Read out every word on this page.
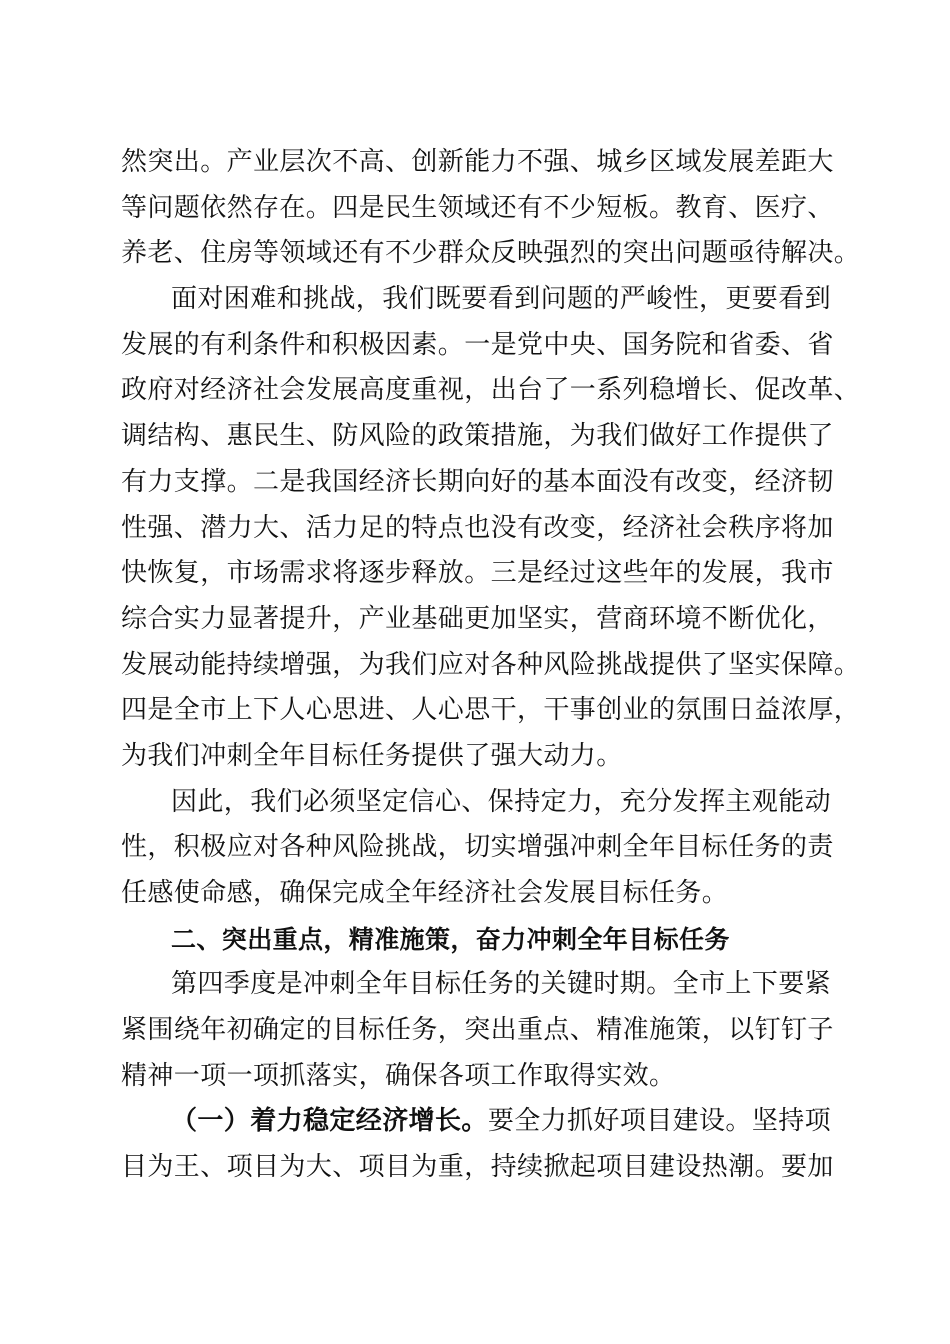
然突出。产业层次不高、创新能力不强、城乡区域发展差距大
等问题依然存在。四是民生领域还有不少短板。教育、医疗、
养老、住房等领域还有不少群众反映强烈的突出问题亟待解决。
面对困难和挑战，我们既要看到问题的严峻性，更要看到
发展的有利条件和积极因素。一是党中央、国务院和省委、省
政府对经济社会发展高度重视，出台了一系列稳增长、促改革、
调结构、惠民生、防风险的政策措施，为我们做好工作提供了
有力支撑。二是我国经济长期向好的基本面没有改变，经济韧
性强、潜力大、活力足的特点也没有改变，经济社会秩序将加
快恢复，市场需求将逐步释放。三是经过这些年的发展，我市
综合实力显著提升，产业基础更加坚实，营商环境不断优化，
发展动能持续增强，为我们应对各种风险挑战提供了坚实保障。
四是全市上下人心思进、人心思干，干事创业的氛围日益浓厚，
为我们冲刺全年目标任务提供了强大动力。
因此，我们必须坚定信心、保持定力，充分发挥主观能动
性，积极应对各种风险挑战，切实增强冲刺全年目标任务的责
任感使命感，确保完成全年经济社会发展目标任务。
二、突出重点，精准施策，奋力冲刺全年目标任务
第四季度是冲刺全年目标任务的关键时期。全市上下要紧
紧围绕年初确定的目标任务，突出重点、精准施策，以钉钉子
精神一项一项抓落实，确保各项工作取得实效。
（一）着力稳定经济增长。要全力抓好项目建设。坚持项
目为王、项目为大、项目为重，持续掀起项目建设热潮。要加
